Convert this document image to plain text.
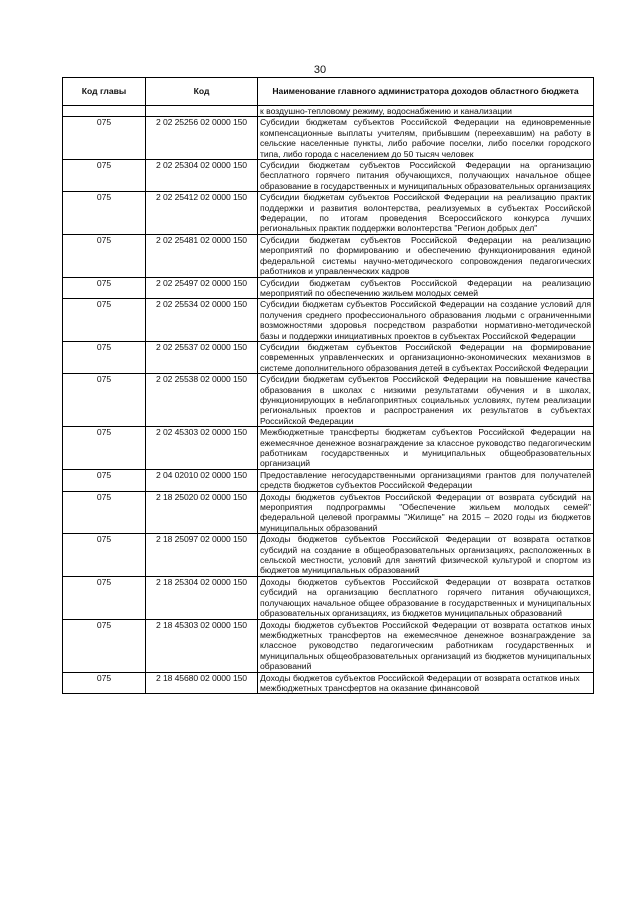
30
Код главы	Код	Наименование главного администратора доходов областного бюджета
		к воздушно-тепловому режиму, водоснабжению и канализации
075	2 02 25256 02 0000 150	Субсидии бюджетам субъектов Российской Федерации на единовременные компенсационные выплаты учителям, прибывшим (переехавшим) на работу в сельские населенные пункты, либо рабочие поселки, либо поселки городского типа, либо города с населением до 50 тысяч человек
075	2 02 25304 02 0000 150	Субсидии бюджетам субъектов Российской Федерации на организацию бесплатного горячего питания обучающихся, получающих начальное общее образование в государственных и муниципальных образовательных организациях
075	2 02 25412 02 0000 150	Субсидии бюджетам субъектов Российской Федерации на реализацию практик поддержки и развития волонтерства, реализуемых в субъектах Российской Федерации, по итогам проведения Всероссийского конкурса лучших региональных практик поддержки волонтерства "Регион добрых дел"
075	2 02 25481 02 0000 150	Субсидии бюджетам субъектов Российской Федерации на реализацию мероприятий по формированию и обеспечению функционирования единой федеральной системы научно-методического сопровождения педагогических работников и управленческих кадров
075	2 02 25497 02 0000 150	Субсидии бюджетам субъектов Российской Федерации на реализацию мероприятий по обеспечению жильем молодых семей
075	2 02 25534 02 0000 150	Субсидии бюджетам субъектов Российской Федерации на создание условий для получения среднего профессионального образования людьми с ограниченными возможностями здоровья посредством разработки нормативно-методической базы и поддержки инициативных проектов в субъектах Российской Федерации
075	2 02 25537 02 0000 150	Субсидии бюджетам субъектов Российской Федерации на формирование современных управленческих и организационно-экономических механизмов в системе дополнительного образования детей в субъектах Российской Федерации
075	2 02 25538 02 0000 150	Субсидии бюджетам субъектов Российской Федерации на повышение качества образования в школах с низкими результатами обучения и в школах, функционирующих в неблагоприятных социальных условиях, путем реализации региональных проектов и распространения их результатов в субъектах Российской Федерации
075	2 02 45303 02 0000 150	Межбюджетные трансферты бюджетам субъектов Российской Федерации на ежемесячное денежное вознаграждение за классное руководство педагогическим работникам государственных и муниципальных общеобразовательных организаций
075	2 04 02010 02 0000 150	Предоставление негосударственными организациями грантов для получателей средств бюджетов субъектов Российской Федерации
075	2 18 25020 02 0000 150	Доходы бюджетов субъектов Российской Федерации от возврата субсидий на мероприятия подпрограммы "Обеспечение жильем молодых семей" федеральной целевой программы "Жилище" на 2015 – 2020 годы из бюджетов муниципальных образований
075	2 18 25097 02 0000 150	Доходы бюджетов субъектов Российской Федерации от возврата остатков субсидий на создание в общеобразовательных организациях, расположенных в сельской местности, условий для занятий физической культурой и спортом из бюджетов муниципальных образований
075	2 18 25304 02 0000 150	Доходы бюджетов субъектов Российской Федерации от возврата остатков субсидий на организацию бесплатного горячего питания обучающихся, получающих начальное общее образование в государственных и муниципальных образовательных организациях, из бюджетов муниципальных образований
075	2 18 45303 02 0000 150	Доходы бюджетов субъектов Российской Федерации от возврата остатков иных межбюджетных трансфертов на ежемесячное денежное вознаграждение за классное руководство педагогическим работникам государственных и муниципальных общеобразовательных организаций из бюджетов муниципальных образований
075	2 18 45680 02 0000 150	Доходы бюджетов субъектов Российской Федерации от возврата остатков иных межбюджетных трансфертов на оказание финансовой
